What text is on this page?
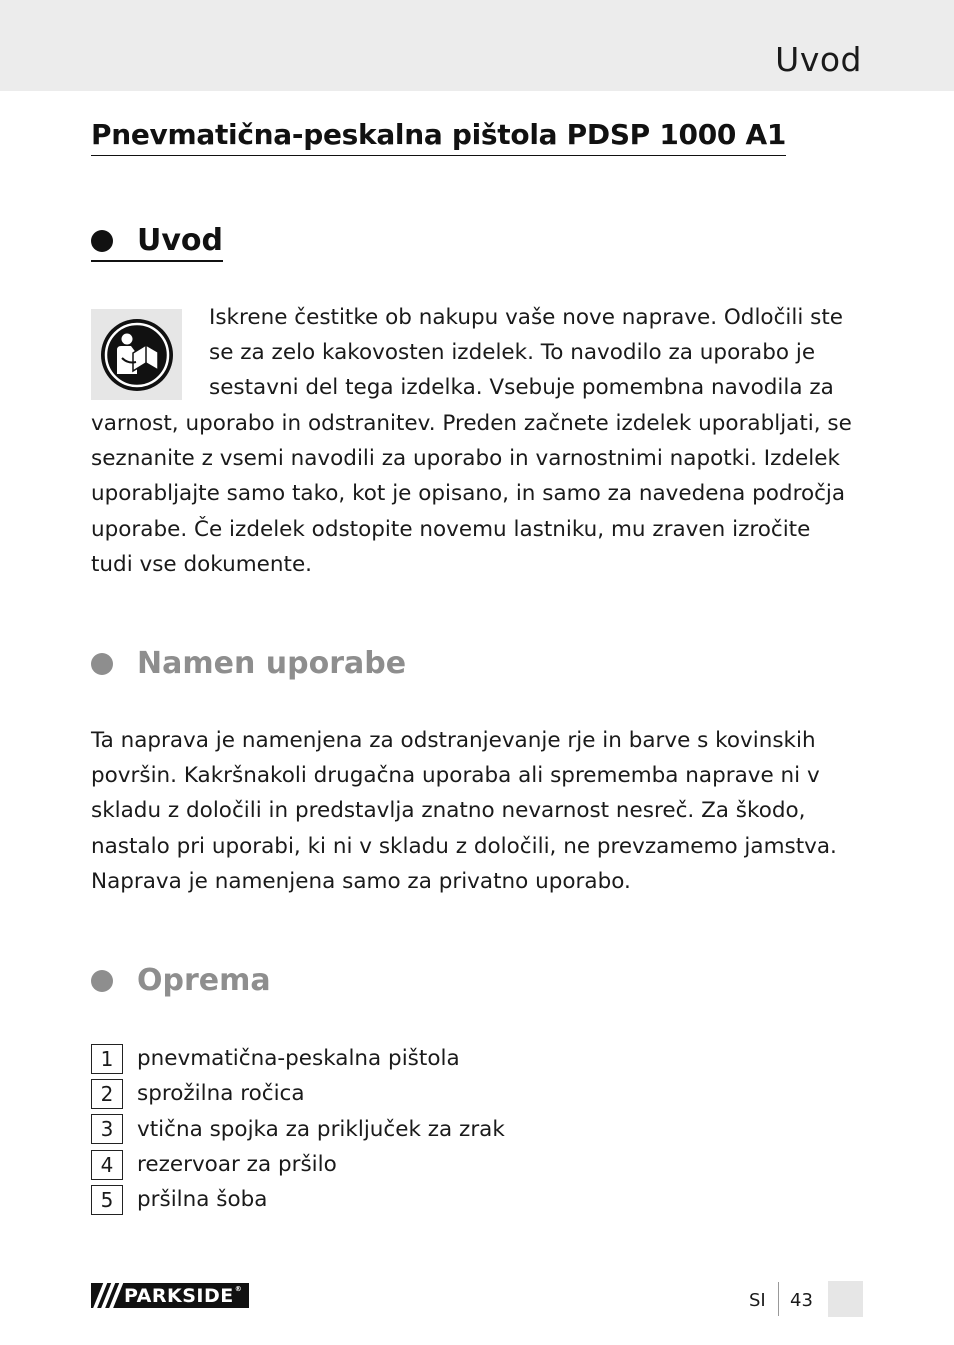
Uvod
Pnevmatična-peskalna pištola PDSP 1000 A1
Uvod
Iskrene čestitke ob nakupu vaše nove naprave. Odločili ste
se za zelo kakovosten izdelek. To navodilo za uporabo je
sestavni del tega izdelka. Vsebuje pomembna navodila za
varnost, uporabo in odstranitev. Preden začnete izdelek uporabljati, se
seznanite z vsemi navodili za uporabo in varnostnimi napotki. Izdelek
uporabljajte samo tako, kot je opisano, in samo za navedena področja
uporabe. Če izdelek odstopite novemu lastniku, mu zraven izročite
tudi vse dokumente.
Namen uporabe
Ta naprava je namenjena za odstranjevanje rje in barve s kovinskih
površin. Kakršnakoli drugačna uporaba ali sprememba naprave ni v
skladu z določili in predstavlja znatno nevarnost nesreč. Za škodo,
nastalo pri uporabi, ki ni v skladu z določili, ne prevzamemo jamstva.
Naprava je namenjena samo za privatno uporabo.
Oprema
1	pnevmatična-peskalna pištola
2	sprožilna ročica
3	vtična spojka za priključek za zrak
4	rezervoar za pršilo
5	pršilna šoba
PARKSIDE®
SI 43
